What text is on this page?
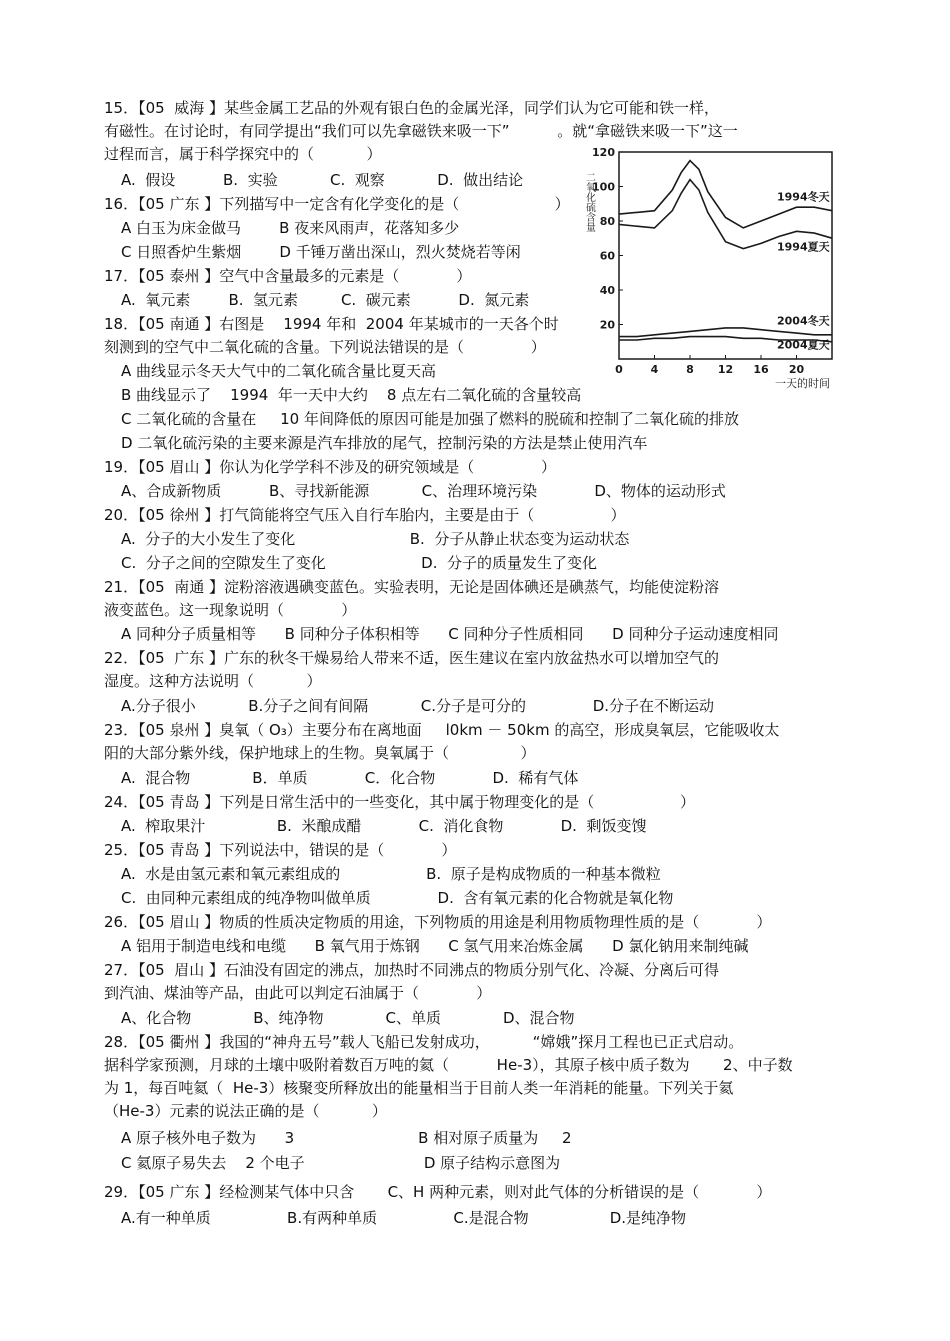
15．【05  威海 】某些金属工艺品的外观有银白色的金属光泽，同学们认为它可能和铁一样，
有磁性。在讨论时，有同学提出“我们可以先拿磁铁来吸一下”          。就“拿磁铁来吸一下”这一
过程而言，属于科学探究中的（           ）
A.  假设          B.  实验           C.  观察           D.  做出结论
16．【05 广东 】下列描写中一定含有化学变化的是（                    ）
A 白玉为床金做马        B 夜来风雨声，花落知多少
C 日照香炉生紫烟        D 千锤万凿出深山，烈火焚烧若等闲
17．【05 泰州 】空气中含量最多的元素是（            ）
A.  氧元素        B.  氢元素         C.  碳元素          D.  氮元素
18．【05 南通 】右图是    1994 年和  2004 年某城市的一天各个时
刻测到的空气中二氧化硫的含量。下列说法错误的是（              ）
A 曲线显示冬天大气中的二氧化硫含量比夏天高
B 曲线显示了    1994  年一天中大约    8 点左右二氧化硫的含量较高
C 二氧化硫的含量在     10 年间降低的原因可能是加强了燃料的脱硫和控制了二氧化硫的排放
D 二氧化硫污染的主要来源是汽车排放的尾气，控制污染的方法是禁止使用汽车
19．【05 眉山 】你认为化学学科不涉及的研究领域是（              ）
A、合成新物质          B、寻找新能源           C、治理环境污染            D、物体的运动形式
20．【05 徐州 】打气筒能将空气压入自行车胎内，主要是由于（                ）
A.  分子的大小发生了变化                        B.  分子从静止状态变为运动状态
C.  分子之间的空隙发生了变化                    D.  分子的质量发生了变化
21．【05  南通 】淀粉溶液遇碘变蓝色。实验表明，无论是固体碘还是碘蒸气，均能使淀粉溶
液变蓝色。这一现象说明（            ）
A 同种分子质量相等      B 同种分子体积相等      C 同种分子性质相同      D 同种分子运动速度相同
22．【05  广东 】广东的秋冬干燥易给人带来不适，医生建议在室内放盆热水可以增加空气的
湿度。这种方法说明（           ）
A.分子很小           B.分子之间有间隔           C.分子是可分的              D.分子在不断运动
23．【05 泉州 】臭氧（ O₃）主要分布在离地面     l0km － 50km 的高空，形成臭氧层，它能吸收太
阳的大部分紫外线，保护地球上的生物。臭氧属于（               ）
A.  混合物             B．单质            C．化合物            D.  稀有气体
24．【05 青岛 】下列是日常生活中的一些变化，其中属于物理变化的是（                  ）
A.  榨取果汁               B.  米酿成醋            C.  消化食物            D.  剩饭变馊
25．【05 青岛 】下列说法中，错误的是（            ）
A.  水是由氢元素和氧元素组成的                  B.  原子是构成物质的一种基本微粒
C.  由同种元素组成的纯净物叫做单质              D.  含有氧元素的化合物就是氧化物
26．【05 眉山 】物质的性质决定物质的用途，下列物质的用途是利用物质物理性质的是（            ）
A 铝用于制造电线和电缆      B 氧气用于炼钢      C 氢气用来冶炼金属      D 氯化钠用来制纯碱
27．【05  眉山 】石油没有固定的沸点，加热时不同沸点的物质分别气化、冷凝、分离后可得
到汽油、煤油等产品，由此可以判定石油属于（            ）
A、化合物             B、纯净物             C、单质             D、混合物
28．【05 衢州 】我国的“神舟五号”载人飞船已发射成功，         “嫦娥”探月工程也已正式启动。
据科学家预测，月球的土壤中吸附着数百万吨的氦（          He-3），其原子核中质子数为       2、中子数
为 1，每百吨氦（  He-3）核聚变所释放出的能量相当于目前人类一年消耗的能量。下列关于氦
（He-3）元素的说法正确的是（           ）
A 原子核外电子数为      3                          B 相对原子质量为     2
C 氦原子易失去    2 个电子                         D 原子结构示意图为
29．【05 广东 】经检测某气体中只含       C、H 两种元素，则对此气体的分析错误的是（            ）
A.有一种单质                B.有两种单质                C.是混合物                 D.是纯净物
20
40
60
80
100
120
0	4	8 12 16 20
二氧化硫含量
一天的时间
1994冬天
1994夏天
2004冬天
2004夏天
